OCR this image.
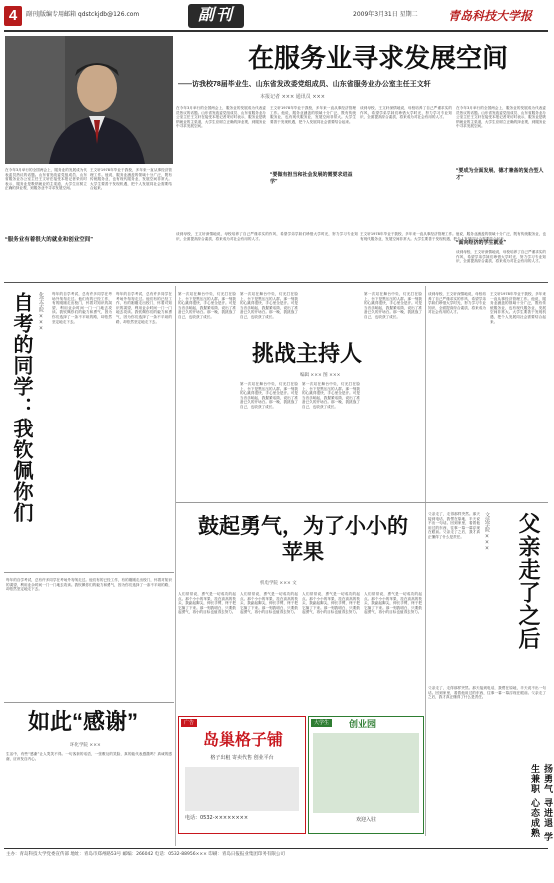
4	副刊|版编专用邮箱 qdstckjdb@126.com	副刊	2009年3月31日 星期二	青岛科技大学报
在服务业寻求发展空间
——访我校78届毕业生、山东省发改委党组成员、山东省服务业办公室主任王文轩
本报记者 ××× 通讯员 ×××
在今年3月举行的全国两会上，服务业的发展成为代表委员热议的话题。山东省发改委党组成员、山东省服务业办公室主任王文轩在接受本报记者采访时表示，服务业是吸纳就业的主渠道，大学生应树立正确的择业观，到服务业中寻求发展空间。
王文轩1978年毕业于我校，多年来一直从事经济管理工作。他说，服务业涵盖的领域十分广泛，既有传统服务业，也有现代服务业，发展空间非常大。大学生要善于发现机遇，把个人发展同社会需要结合起来。
“要做有担当和社会发展的需要求进益学”
谈到母校，王文轩深情地说，母校培养了自己严谨求实的作风，希望学弟学妹们珍惜大学时光，努力学习专业知识，全面提高综合素质，将来成为对社会有用的人才。
在今年3月举行的全国两会上，服务业的发展成为代表委员热议的话题。山东省发改委党组成员、山东省服务业办公室主任王文轩在接受本报记者采访时表示，服务业是吸纳就业的主渠道，大学生应树立正确的择业观，到服务业中寻求发展空间。
“要成为全面发展、德才兼备的复合型人才”
在今年3月举行的全国两会上，服务业的发展成为代表委员热议的话题。山东省发改委党组成员、山东省服务业办公室主任王文轩在接受本报记者采访时表示，服务业是吸纳就业的主渠道，大学生应树立正确的择业观，到服务业中寻求发展空间。
“服务业有着很大的就业和创业空间”
王文轩1978年毕业于我校，多年来一直从事经济管理工作。他说，服务业涵盖的领域十分广泛，既有传统服务业，也有现代服务业，发展空间非常大。大学生要善于发现机遇，把个人发展同社会需要结合起来。
谈到母校，王文轩深情地说，母校培养了自己严谨求实的作风，希望学弟学妹们珍惜大学时光，努力学习专业知识，全面提高综合素质，将来成为对社会有用的人才。
王文轩1978年毕业于我校，多年来一直从事经济管理工作。他说，服务业涵盖的领域十分广泛，既有传统服务业，也有现代服务业，发展空间非常大。大学生要善于发现机遇，把个人发展同社会需要结合起来。
“面向经济的学生就业”
谈到母校，王文轩深情地说，母校培养了自己严谨求实的作风，希望学弟学妹们珍惜大学时光，努力学习专业知识，全面提高综合素质，将来成为对社会有用的人才。
自考的同学：我钦佩你们 化学学院 ××× 每年的自学考试，总有许多同学在考场外匆匆走过。他们有的已经工作，有的刚刚走出校门，怀着对知识的渴望，利用业余时间一门一门地去攻读。我钦佩你们的毅力和勇气，因为你们选择了一条不平坦的路，却依然坚定地走下去。
每年的自学考试，总有许多同学在考场外匆匆走过。他们有的已经工作，有的刚刚走出校门，怀着对知识的渴望，利用业余时间一门一门地去攻读。我钦佩你们的毅力和勇气，因为你们选择了一条不平坦的路，却依然坚定地走下去。
每年的自学考试，总有许多同学在考场外匆匆走过。他们有的已经工作，有的刚刚走出校门，怀着对知识的渴望，利用业余时间一门一门地去攻读。我钦佩你们的毅力和勇气，因为你们选择了一条不平坦的路，却依然坚定地走下去。
第一次站在舞台中央，灯光打在脸上，台下是黑压压的人群。那一刻我的心跳得很快，手心里全是汗。可是当音乐响起，我握紧话筒，说出了准备已久的开场白。那一晚，我挑战了自己，也收获了成长。
第一次站在舞台中央，灯光打在脸上，台下是黑压压的人群。那一刻我的心跳得很快，手心里全是汗。可是当音乐响起，我握紧话筒，说出了准备已久的开场白。那一晚，我挑战了自己，也收获了成长。
挑战主持人
编辑 ××× 图 ×××
第一次站在舞台中央，灯光打在脸上，台下是黑压压的人群。那一刻我的心跳得很快，手心里全是汗。可是当音乐响起，我握紧话筒，说出了准备已久的开场白。那一晚，我挑战了自己，也收获了成长。
第一次站在舞台中央，灯光打在脸上，台下是黑压压的人群。那一刻我的心跳得很快，手心里全是汗。可是当音乐响起，我握紧话筒，说出了准备已久的开场白。那一晚，我挑战了自己，也收获了成长。
第一次站在舞台中央，灯光打在脸上，台下是黑压压的人群。那一刻我的心跳得很快，手心里全是汗。可是当音乐响起，我握紧话筒，说出了准备已久的开场白。那一晚，我挑战了自己，也收获了成长。
谈到母校，王文轩深情地说，母校培养了自己严谨求实的作风，希望学弟学妹们珍惜大学时光，努力学习专业知识，全面提高综合素质，将来成为对社会有用的人才。
王文轩1978年毕业于我校，多年来一直从事经济管理工作。他说，服务业涵盖的领域十分广泛，既有传统服务业，也有现代服务业，发展空间非常大。大学生要善于发现机遇，把个人发展同社会需要结合起来。
鼓起勇气，为了小小的苹果
机电学院 ××× 文
人们常常说，勇气是一切成功的起点。那个小小的苹果，挂在高高的枝头，我踮起脚尖，伸长手臂，终于把它摘了下来。那一刻我明白，只要鼓起勇气，再小的目标也值得去努力。
人们常常说，勇气是一切成功的起点。那个小小的苹果，挂在高高的枝头，我踮起脚尖，伸长手臂，终于把它摘了下来。那一刻我明白，只要鼓起勇气，再小的目标也值得去努力。
人们常常说，勇气是一切成功的起点。那个小小的苹果，挂在高高的枝头，我踮起脚尖，伸长手臂，终于把它摘了下来。那一刻我明白，只要鼓起勇气，再小的目标也值得去努力。
人们常常说，勇气是一切成功的起点。那个小小的苹果，挂在高高的枝头，我踮起脚尖，伸长手臂，终于把它摘了下来。那一刻我明白，只要鼓起勇气，再小的目标也值得去努力。
父亲走了，走得那样突然。那天接到电话，我愣在原地，半天说不出一句话。回到家里，看着他用过的东西，往事一幕一幕浮现在眼前。父亲走了之后，我才真正懂得了什么是责任。	文法学院 ××× 父亲走了之后
父亲走了，走得那样突然。那天接到电话，我愣在原地，半天说不出一句话。回到家里，看着他用过的东西，往事一幕一幕浮现在眼前。父亲走了之后，我才真正懂得了什么是责任。
如此“感谢”
环化学院 ×××
生活中，有些“感谢”让人哭笑不得。一句客套的话语，一张敷衍的笑脸，真的能代表感激吗？真诚的感谢，应该发自内心。
广告
岛巢格子铺
格子出租 寄卖代售 创业平台
电话：0532-××××××××
大学生	创业园
欢迎入驻	扬勇气 寻进退 学生兼职 心态成熟
主办：青岛科技大学党委宣传部 地址：青岛市郑州路53号 邮编：266042 电话：0532-88956××× 印刷：青岛日报报业集团印务有限公司
